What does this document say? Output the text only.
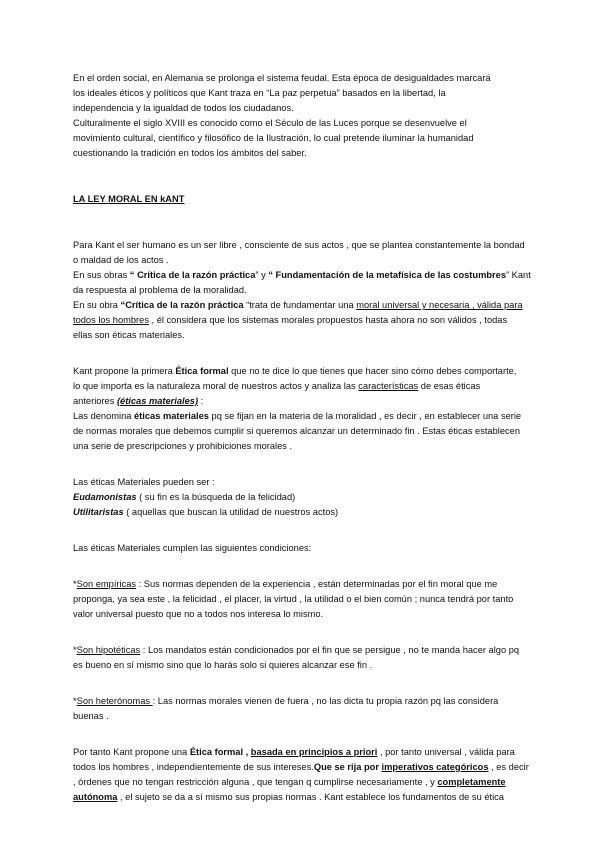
En el orden social, en Alemania se prolonga el sistema feudal. Esta época de desigualdades marcará
los ideales éticos y políticos que Kant traza en “La paz perpetua” basados en la libertad, la
independencia y la igualdad de todos los ciudadanos.

Culturalmente el siglo XVIII es conocido como el Século de las Luces porque se desenvuelve el
movimiento cultural, científico y filosófico de la Ilustración, lo cual pretende iluminar la humanidad
cuestionando la tradición en todos los ámbitos del saber.

LA LEY MORAL EN kANT

Para Kant el ser humano es un ser libre , consciente de sus actos , que se plantea constantemente la bondad
o maldad de los actos .
En sus obras “ Crítica de la razón práctica” y “ Fundamentación de la metafísica de las costumbres” Kant
da respuesta al problema de la moralidad.
En su obra “Crítica de la razón práctica “trata de fundamentar una moral universal y necesaria , válida para
todos los hombres , él considera que los sistemas morales propuestos hasta ahora no son válidos , todas
ellas son éticas materiales.

Kant propone la primera Ética formal que no te dice lo que tienes que hacer sino cómo debes comportarte,
lo que importa es la naturaleza moral de nuestros actos y analiza las características de esas éticas
anteriores (éticas materiales) :
Las denomina éticas materiales pq se fijan en la materia de la moralidad , es decir , en establecer una serie
de normas morales que debemos cumplir si queremos alcanzar un determinado fin . Estas éticas establecen
una serie de prescripciones y prohibiciones morales .

Las éticas Materiales pueden ser :
Eudamonistas ( su fin es la búsqueda de la felicidad)
Utilitaristas ( aquellas que buscan la utilidad de nuestros actos)

Las éticas Materiales cumplen las siguientes condiciones:

*Son empíricas : Sus normas dependen de la experiencia , están determinadas por el fin moral que me
proponga, ya sea este , la felicidad , el placer, la virtud , la utilidad o el bien común ; nunca tendrá por tanto
valor universal puesto que no a todos nos interesa lo mismo.

*Son hipotéticas : Los mandatos están condicionados por el fin que se persigue , no te manda hacer algo pq
es bueno en sí mismo sino que lo harás solo si quieres alcanzar ese fin .

*Son heterónomas : Las normas morales vienen de fuera , no las dicta tu propia razón pq las considera
buenas .

Por tanto Kant propone una Ética formal , basada en principios a priori , por tanto universal , válida para
todos los hombres , independientemente de sus intereses.Que se rija por imperativos categóricos , es decir
, órdenes que no tengan restricción alguna , que tengan q cumplirse necesariamente , y completamente
autónoma , el sujeto se da a sí mismo sus propias normas . Kant establece los fundamentos de su ética
